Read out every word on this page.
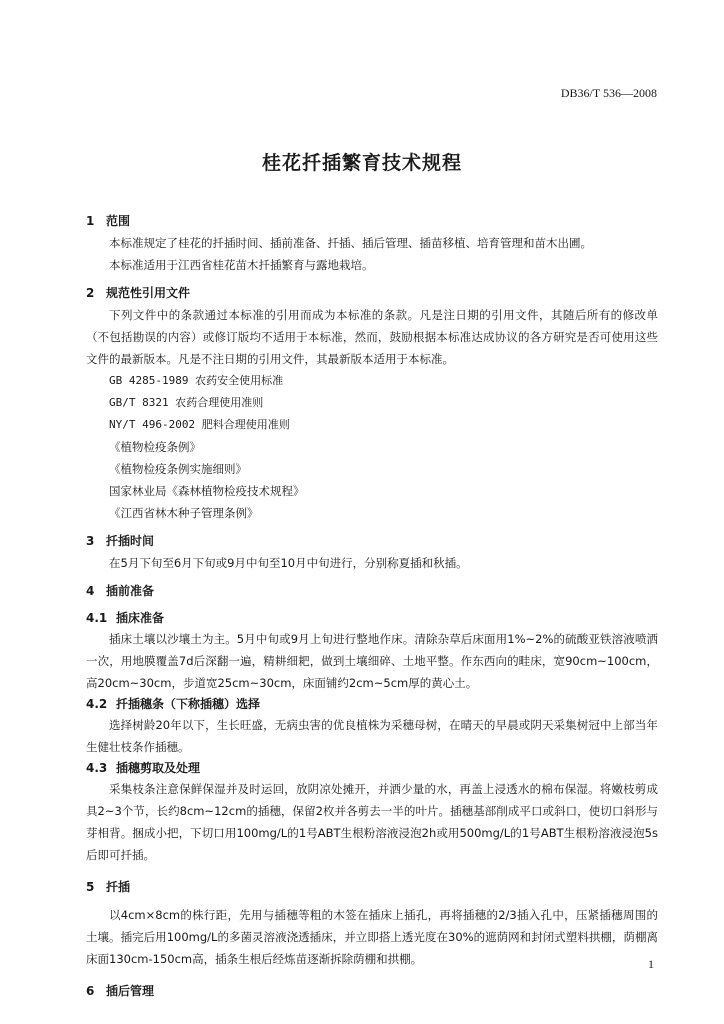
DB36/T 536—2008
桂花扦插繁育技术规程
1 范围

本标准规定了桂花的扦插时间、插前准备、扦插、插后管理、插苗移植、培育管理和苗木出圃。

本标准适用于江西省桂花苗木扦插繁育与露地栽培。

2 规范性引用文件

下列文件中的条款通过本标准的引用而成为本标准的条款。凡是注日期的引用文件，其随后所有的修改单（不包括勘误的内容）或修订版均不适用于本标准，然而，鼓励根据本标准达成协议的各方研究是否可使用这些文件的最新版本。凡是不注日期的引用文件，其最新版本适用于本标准。

GB 4285-1989 农药安全使用标准

GB/T 8321 农药合理使用准则

NY/T 496-2002 肥料合理使用准则

《植物检疫条例》

《植物检疫条例实施细则》

国家林业局《森林植物检疫技术规程》

《江西省林木种子管理条例》

3 扦插时间

在5月下旬至6月下旬或9月中旬至10月中旬进行，分别称夏插和秋插。

4 插前准备
4.1 插床准备

插床土壤以沙壤土为主。5月中旬或9月上旬进行整地作床。清除杂草后床面用1%~2%的硫酸亚铁溶液喷洒一次，用地膜覆盖7d后深翻一遍，精耕细耙，做到土壤细碎、土地平整。作东西向的畦床，宽90cm~100cm，高20cm~30cm，步道宽25cm~30cm，床面铺约2cm~5cm厚的黄心土。

4.2 扦插穗条（下称插穗）选择

选择树龄20年以下，生长旺盛，无病虫害的优良植株为采穗母树，在晴天的早晨或阴天采集树冠中上部当年生健壮枝条作插穗。

4.3 插穗剪取及处理

采集枝条注意保鲜保湿并及时运回，放阴凉处摊开，并洒少量的水，再盖上浸透水的棉布保湿。将嫩枝剪成具2~3个节，长约8cm~12cm的插穗，保留2枚并各剪去一半的叶片。插穗基部削成平口或斜口，使切口斜形与芽相背。捆成小把，下切口用100mg/L的1号ABT生根粉溶液浸泡2h或用500mg/L的1号ABT生根粉溶液浸泡5s后即可扦插。

5 扦插

以4cm×8cm的株行距，先用与插穗等粗的木签在插床上插孔，再将插穗的2/3插入孔中，压紧插穗周围的土壤。插完后用100mg/L的多菌灵溶液浇透插床，并立即搭上透光度在30%的遮荫网和封闭式塑料拱棚，荫棚离床面130cm-150cm高，插条生根后经炼苗逐渐拆除荫棚和拱棚。

6 插后管理
1
